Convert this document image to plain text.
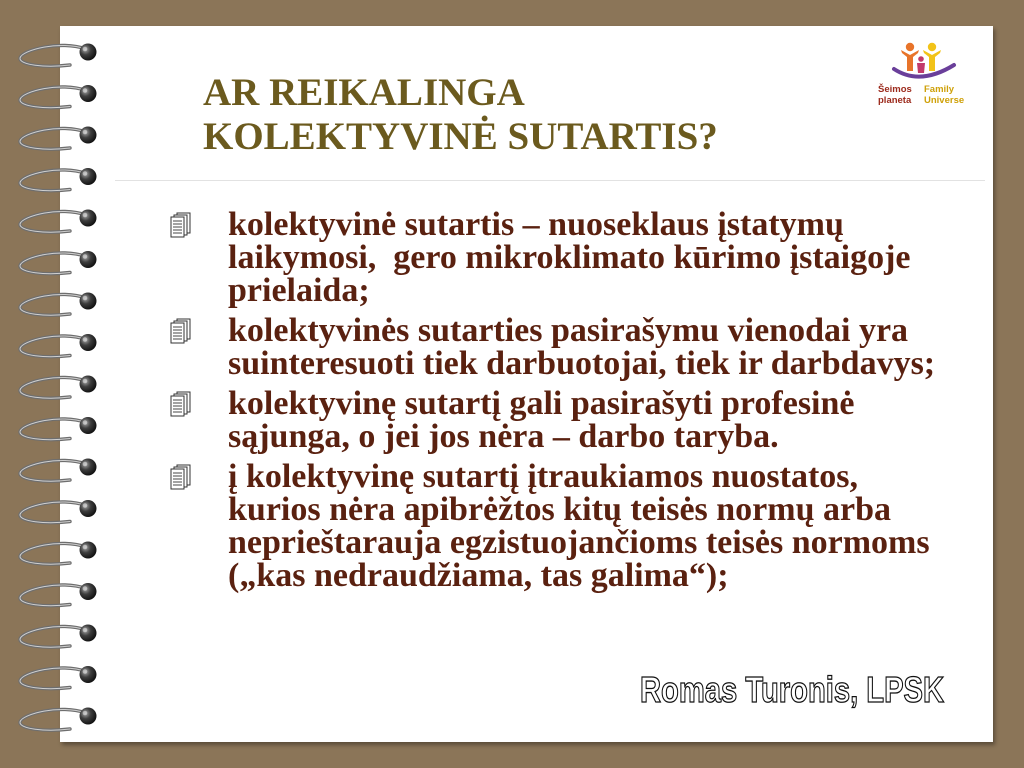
Šeimos
planeta
Family
Universe
AR REIKALINGA
KOLEKTYVINĖ SUTARTIS?
kolektyvinė sutartis – nuoseklaus įstatymų
laikymosi,  gero mikroklimato kūrimo įstaigoje
prielaida;
kolektyvinės sutarties pasirašymu vienodai yra
suinteresuoti tiek darbuotojai, tiek ir darbdavys;
kolektyvinę sutartį gali pasirašyti profesinė
sąjunga, o jei jos nėra – darbo taryba.
į kolektyvinę sutartį įtraukiamos nuostatos,
kurios nėra apibrėžtos kitų teisės normų arba
neprieštarauja egzistuojančioms teisės normoms
(„kas nedraudžiama, tas galima“);
Romas Turonis, LPSK
